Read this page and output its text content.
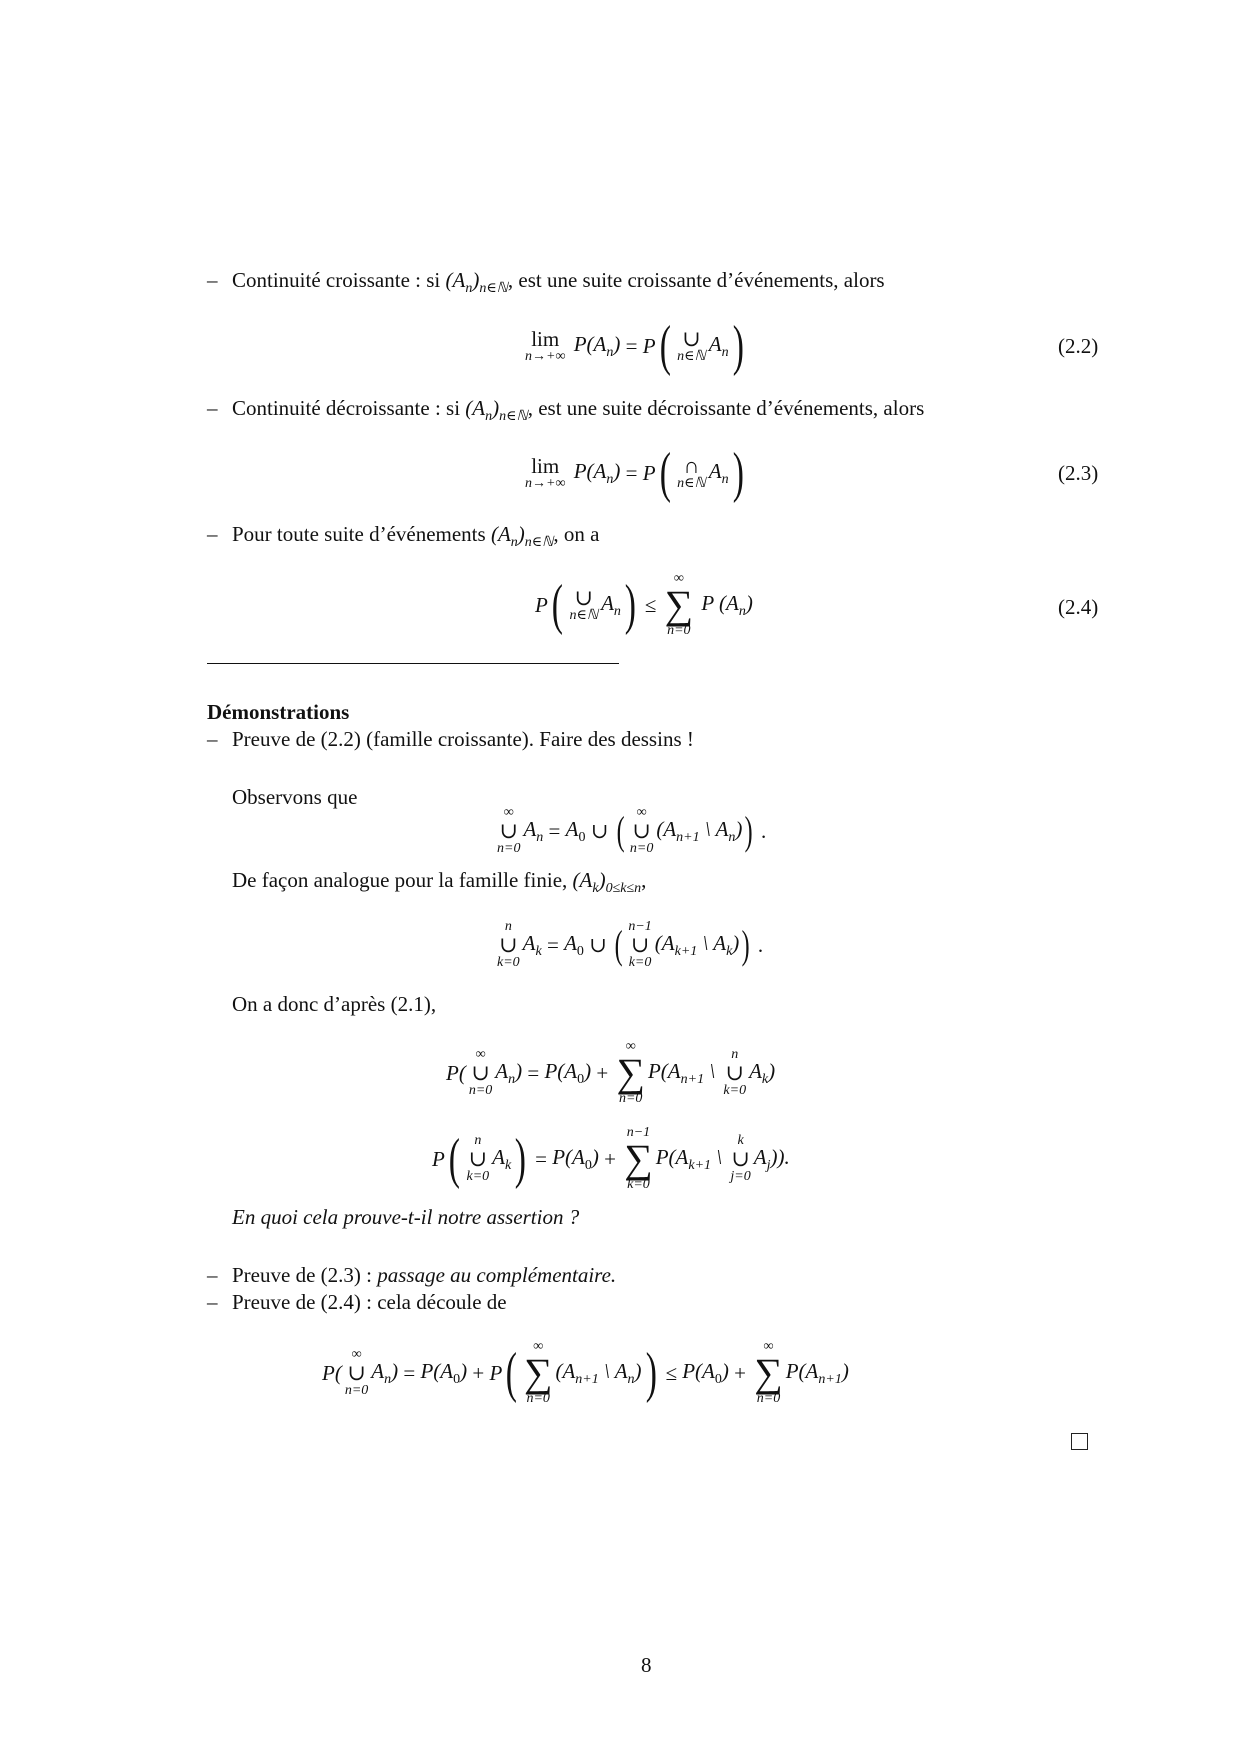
– Continuité croissante : si $(A_n)_{n\in ℕ}$, est une suite croissante d’événements, alors
lim
n→+∞
$P(A_n) = P$ ( ∪
n∈ℕ
$A_n$ )	(2.2)
– Continuité décroissante : si $(A_n)_{n\in ℕ}$, est une suite décroissante d’événements, alors
lim
n→+∞
$P(A_n) = P$ ( ∩
n∈ℕ
$A_n$ )	(2.3)
– Pour toute suite d’événements $(A_n)_{n\in ℕ}$, on a
P ( ∪
n∈ℕ
$A_n$ ) ≤
∞
∑
n=0
P $(A_n)$	(2.4)
Démonstrations
– Preuve de (2.2) (famille croissante). Faire des dessins !
Observons que
∞
∪
n=0
$A_n = A_0$ ∪ ( ∞
∪
n=0
($A_{n+1}$ \ $A_n$) ) .
De façon analogue pour la famille finie, $(A_k)_{0\le k\le n}$,
n
∪
k=0
$A_k = A_0$ ∪ ( n−1
∪
k=0
($A_{k+1}$ \ $A_k$) ) .
On a donc d’après (2.1),
P(
∞
∪
n=0
$A_n) = P(A_0)$ +
∞
∑
n=0
$P(A_{n+1}$ \
n
∪
k=0
$A_k$)
P ( n
∪
k=0
$A_k$ ) = $P(A_0)$ +
n−1
∑
k=0
$P(A_{k+1}$ \
k
∪
j=0
$A_j$)).
En quoi cela prouve-t-il notre assertion ?
– Preuve de (2.3) : passage au complémentaire.
– Preuve de (2.4) : cela découle de
P(
∞
∪
n=0
$A_n) = P(A_0) + P$ ( ∞
∑
n=0
($A_{n+1}$ \ $A_n$) ) ≤ $P(A_0)$ +
∞
∑
n=0
$P(A_{n+1})$
8
